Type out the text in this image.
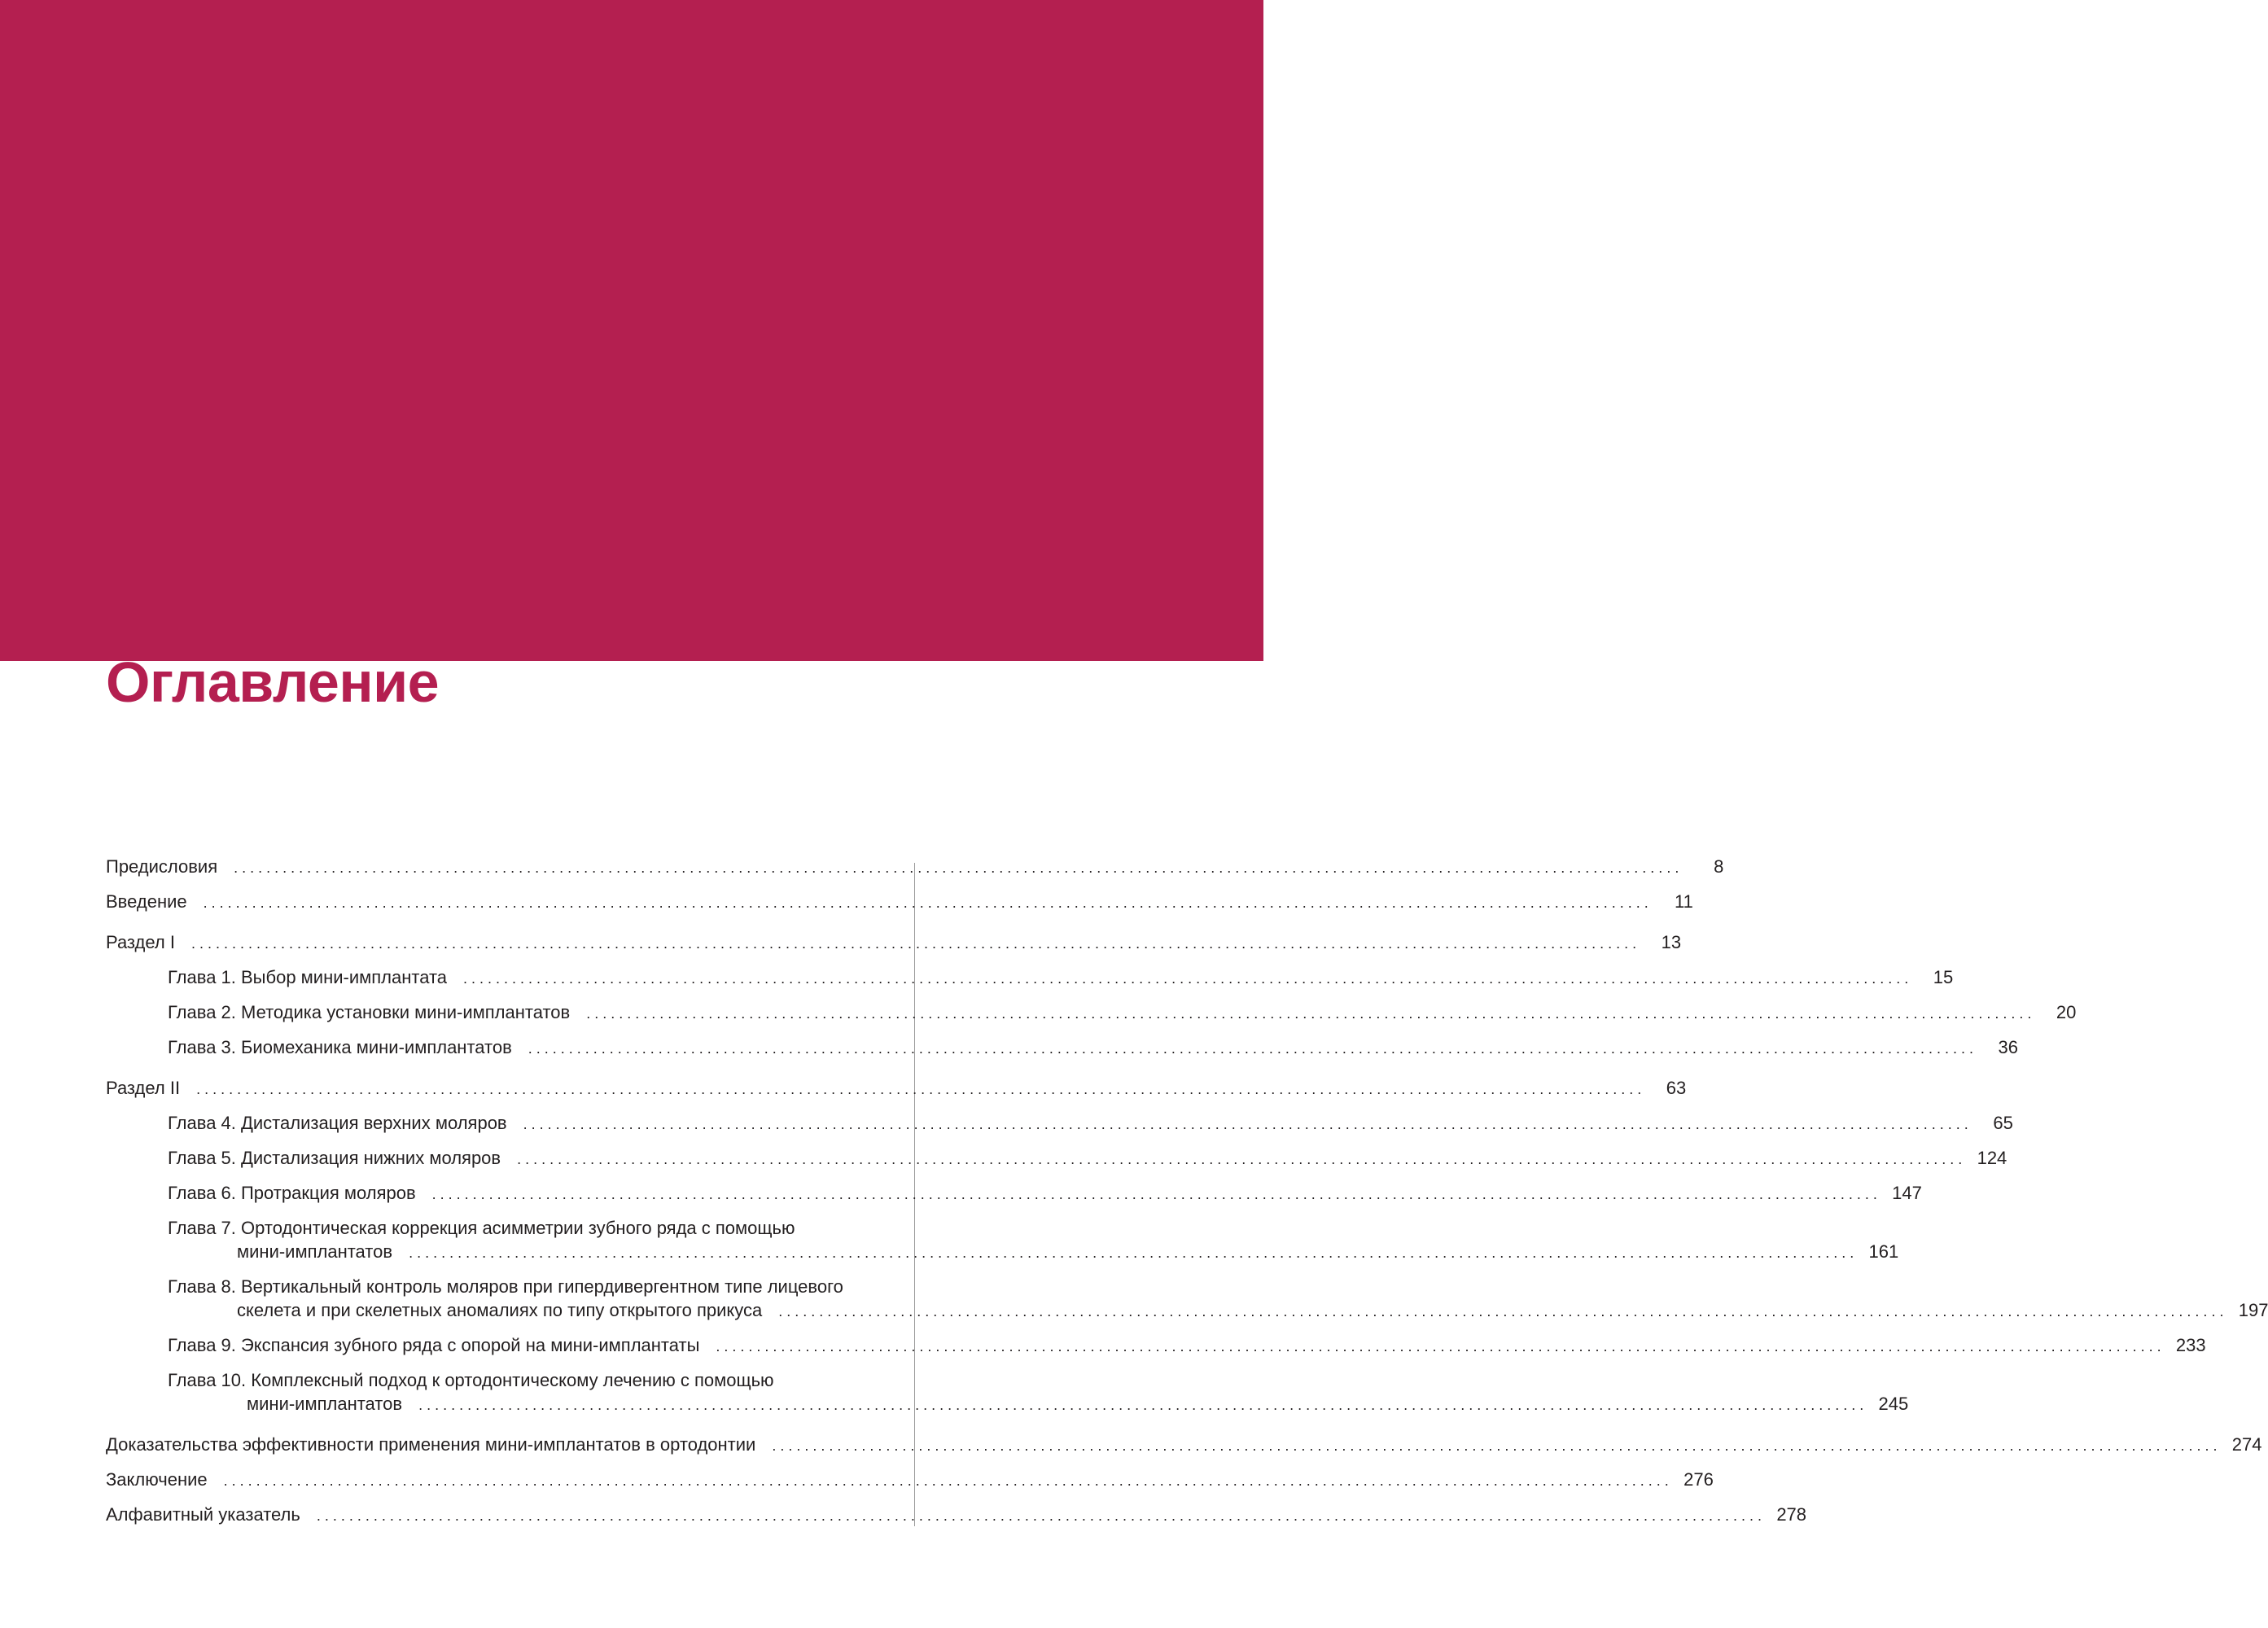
Оглавление
Предисловия ..................................................................................................................................................................................	8
Введение ..................................................................................................................................................................................	11
Раздел I ..................................................................................................................................................................................	13
Глава 1. Выбор мини-имплантата ..................................................................................................................................................................................	15
Глава 2. Методика установки мини-имплантатов ..................................................................................................................................................................................	20
Глава 3. Биомеханика мини-имплантатов ..................................................................................................................................................................................	36
Раздел II ..................................................................................................................................................................................	63
Глава 4. Дистализация верхних моляров ..................................................................................................................................................................................	65
Глава 5. Дистализация нижних моляров .................................................................................................................................................................................. 124
Глава 6. Протракция моляров .................................................................................................................................................................................. 147
Глава 7. Ортодонтическая коррекция асимметрии зубного ряда с помощью
мини-имплантатов .................................................................................................................................................................................. 161
Глава 8. Вертикальный контроль моляров при гипердивергентном типе лицевого
скелета и при скелетных аномалиях по типу открытого прикуса .................................................................................................................................................................................. 197
Глава 9. Экспансия зубного ряда с опорой на мини-имплантаты .................................................................................................................................................................................. 233
Глава 10. Комплексный подход к ортодонтическому лечению с помощью
мини-имплантатов .................................................................................................................................................................................. 245
Доказательства эффективности применения мини-имплантатов в ортодонтии .................................................................................................................................................................................. 274
Заключение .................................................................................................................................................................................. 276
Алфавитный указатель .................................................................................................................................................................................. 278
